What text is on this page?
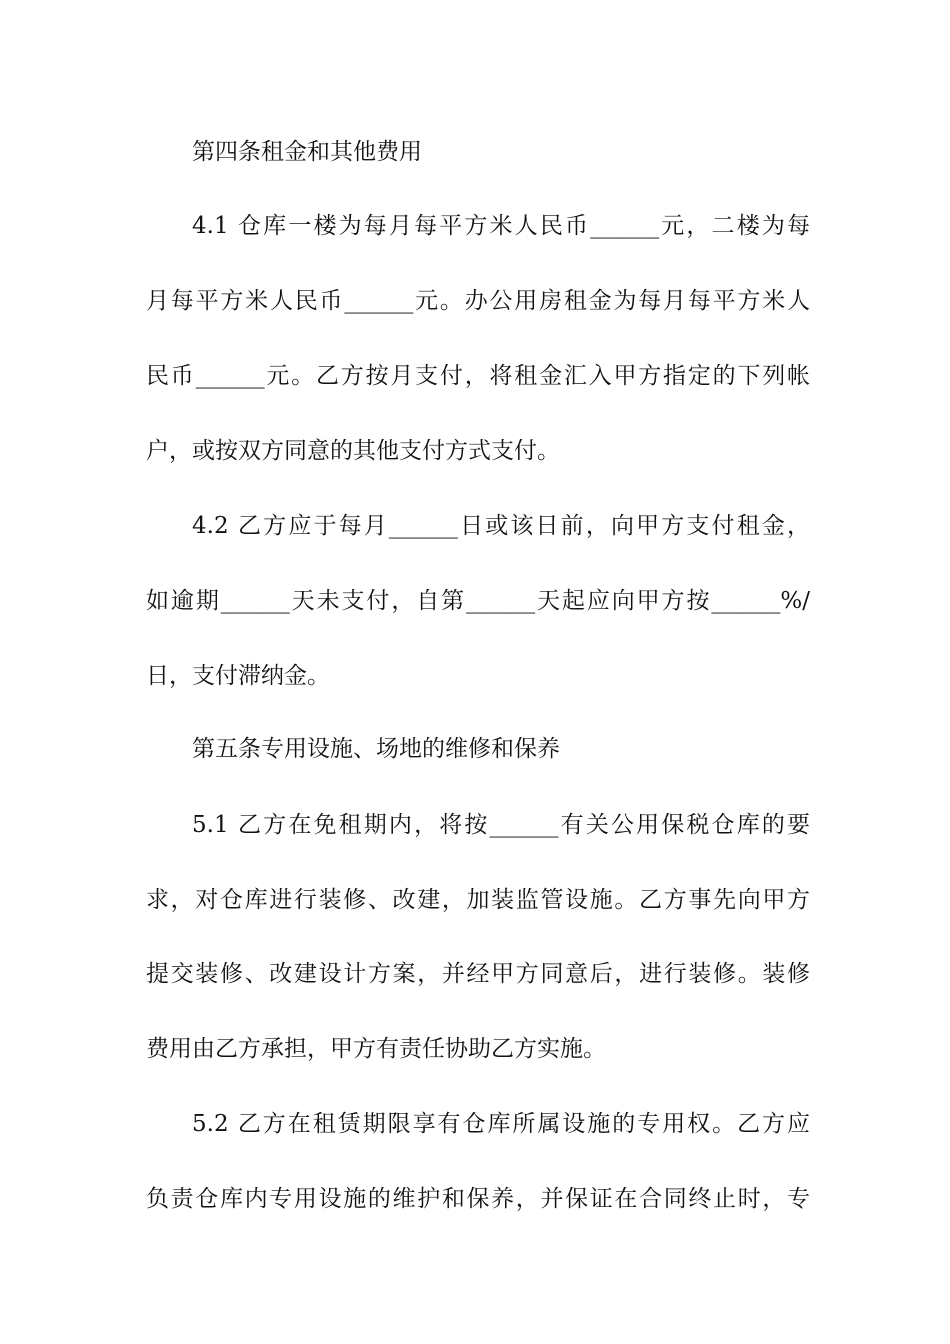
第四条租金和其他费用
4.1 仓库一楼为每月每平方米人民币______元，二楼为每
月每平方米人民币______元。办公用房租金为每月每平方米人
民币______元。乙方按月支付，将租金汇入甲方指定的下列帐
户，或按双方同意的其他支付方式支付。
4.2 乙方应于每月______日或该日前，向甲方支付租金，
如逾期______天未支付，自第______天起应向甲方按______%/
日，支付滞纳金。
第五条专用设施、场地的维修和保养
5.1 乙方在免租期内，将按______有关公用保税仓库的要
求，对仓库进行装修、改建，加装监管设施。乙方事先向甲方
提交装修、改建设计方案，并经甲方同意后，进行装修。装修
费用由乙方承担，甲方有责任协助乙方实施。
5.2 乙方在租赁期限享有仓库所属设施的专用权。乙方应
负责仓库内专用设施的维护和保养，并保证在合同终止时，专
